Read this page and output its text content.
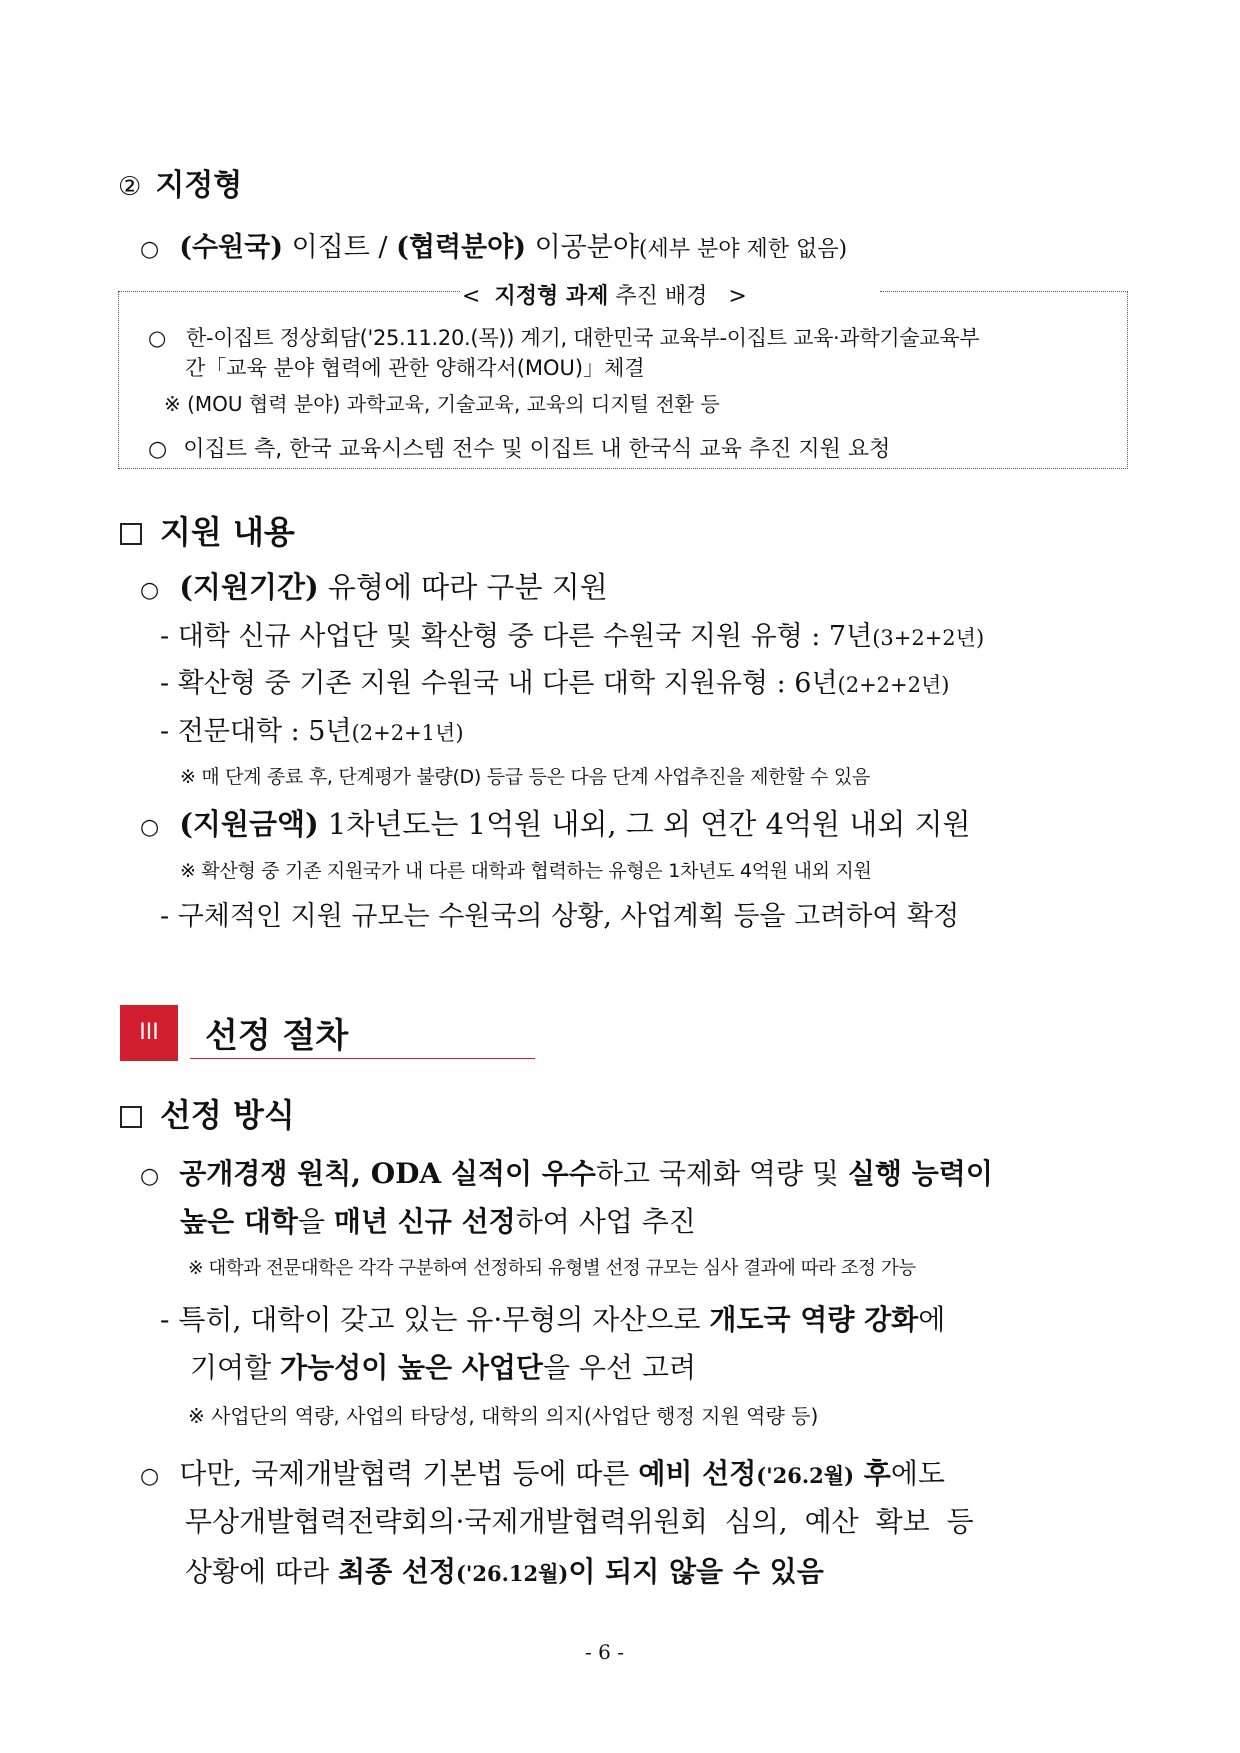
② 지정형
○ (수원국) 이집트 / (협력분야) 이공분야(세부 분야 제한 없음)
< 지정형 과제 추진 배경 >
○ 한-이집트 정상회담('25.11.20.(목)) 계기, 대한민국 교육부-이집트 교육·과학기술교육부
간「교육 분야 협력에 관한 양해각서(MOU)」체결
※ (MOU 협력 분야) 과학교육, 기술교육, 교육의 디지털 전환 등
○ 이집트 측, 한국 교육시스템 전수 및 이집트 내 한국식 교육 추진 지원 요청
지원 내용
○ (지원기간) 유형에 따라 구분 지원
- 대학 신규 사업단 및 확산형 중 다른 수원국 지원 유형 : 7년(3+2+2년)
- 확산형 중 기존 지원 수원국 내 다른 대학 지원유형 : 6년(2+2+2년)
- 전문대학 : 5년(2+2+1년)
※ 매 단계 종료 후, 단계평가 불량(D) 등급 등은 다음 단계 사업추진을 제한할 수 있음
○ (지원금액) 1차년도는 1억원 내외, 그 외 연간 4억원 내외 지원
※ 확산형 중 기존 지원국가 내 다른 대학과 협력하는 유형은 1차년도 4억원 내외 지원
- 구체적인 지원 규모는 수원국의 상황, 사업계획 등을 고려하여 확정
III	선정 절차
선정 방식
○ 공개경쟁 원칙, ODA 실적이 우수하고 국제화 역량 및 실행 능력이
높은 대학을 매년 신규 선정하여 사업 추진
※ 대학과 전문대학은 각각 구분하여 선정하되 유형별 선정 규모는 심사 결과에 따라 조정 가능
- 특히, 대학이 갖고 있는 유·무형의 자산으로 개도국 역량 강화에
기여할 가능성이 높은 사업단을 우선 고려
※ 사업단의 역량, 사업의 타당성, 대학의 의지(사업단 행정 지원 역량 등)
○ 다만, 국제개발협력 기본법 등에 따른 예비 선정('26.2월) 후에도
무상개발협력전략회의·국제개발협력위원회 심의, 예산 확보 등
상황에 따라 최종 선정('26.12월)이 되지 않을 수 있음
- 6 -
